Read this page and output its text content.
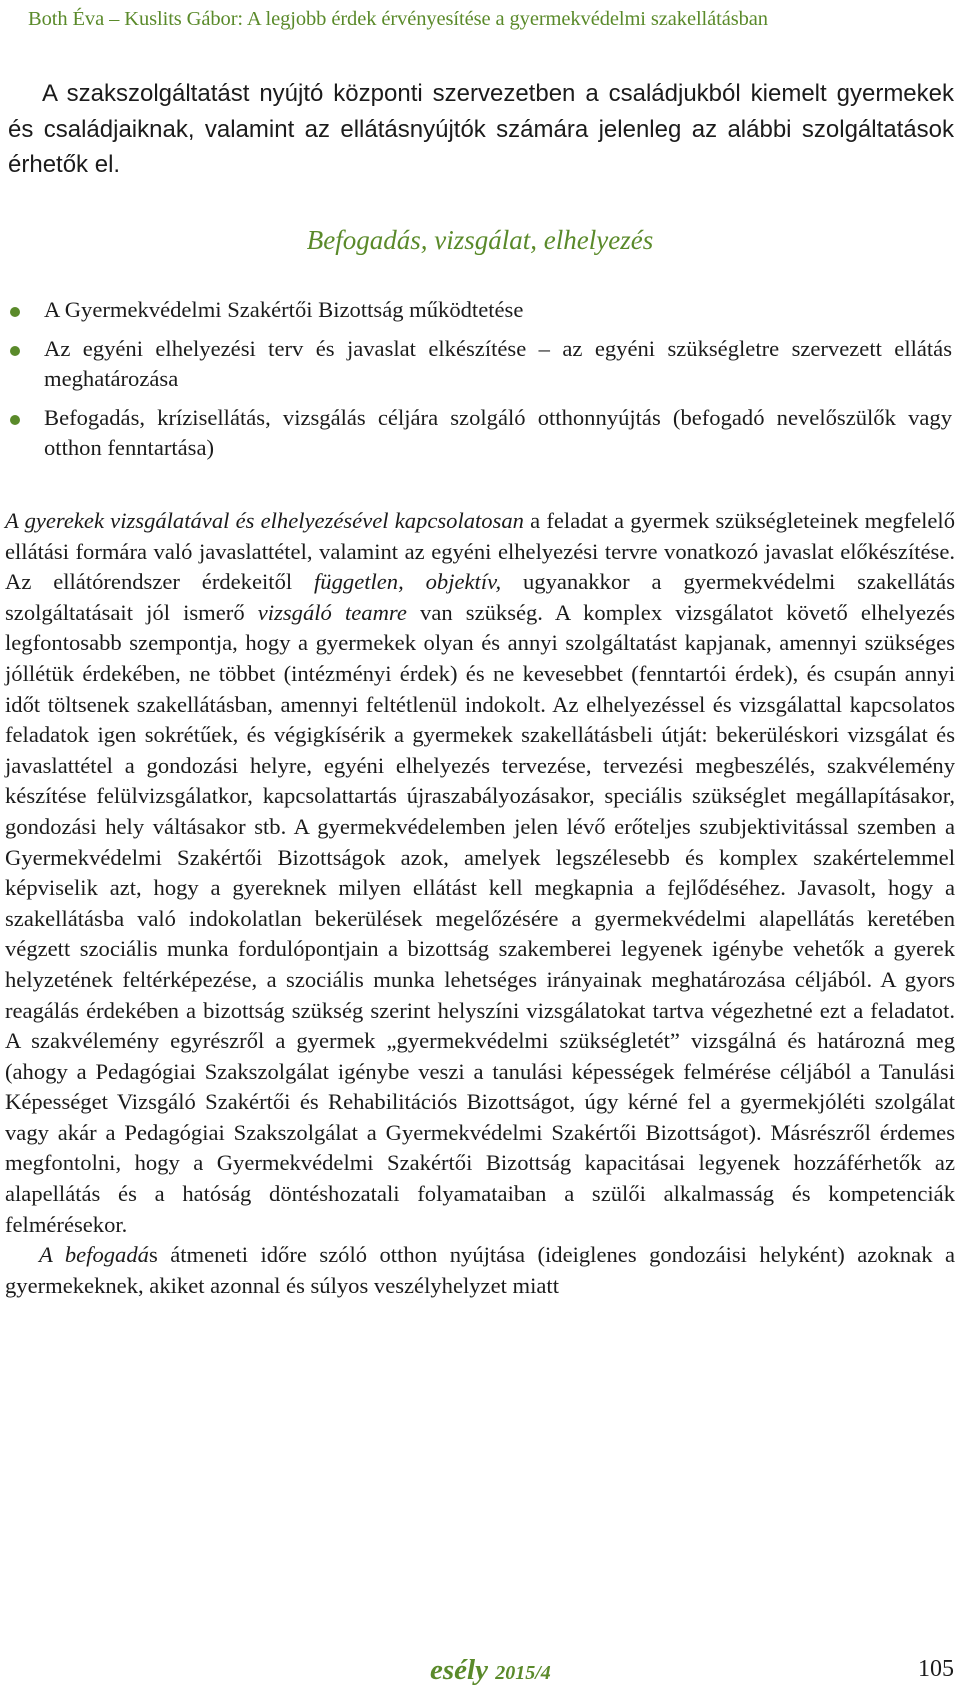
Both Éva – Kuslits Gábor: A legjobb érdek érvényesítése a gyermekvédelmi szakellátásban
A szakszolgáltatást nyújtó központi szervezetben a családjukból kiemelt gyermekek és családjaiknak, valamint az ellátásnyújtók számára jelenleg az alábbi szolgáltatások érhetők el.
Befogadás, vizsgálat, elhelyezés
A Gyermekvédelmi Szakértői Bizottság működtetése
Az egyéni elhelyezési terv és javaslat elkészítése – az egyéni szükségletre szervezett ellátás meghatározása
Befogadás, krízisellátás, vizsgálás céljára szolgáló otthonnyújtás (befogadó nevelőszülők vagy otthon fenntartása)

A gyerekek vizsgálatával és elhelyezésével kapcsolatosan a feladat a gyermek szükségleteinek megfelelő ellátási formára való javaslattétel, valamint az egyéni elhelyezési tervre vonatkozó javaslat előkészítése. Az ellátórendszer érdekeitől független, objektív, ugyanakkor a gyermekvédelmi szakellátás szolgáltatásait jól ismerő vizsgáló teamre van szükség. A komplex vizsgálatot követő elhelyezés legfontosabb szempontja, hogy a gyermekek olyan és annyi szolgáltatást kapjanak, amennyi szükséges jóllétük érdekében, ne többet (intézményi érdek) és ne kevesebbet (fenntartói érdek), és csupán annyi időt töltsenek szakellátásban, amennyi feltétlenül indokolt. Az elhelyezéssel és vizsgálattal kapcsolatos feladatok igen sokrétűek, és végigkísérik a gyermekek szakellátásbeli útját: bekerüléskori vizsgálat és javaslattétel a gondozási helyre, egyéni elhelyezés tervezése, tervezési megbeszélés, szakvélemény készítése felülvizsgálatkor, kapcsolattartás újraszabályozásakor, speciális szükséglet megállapításakor, gondozási hely váltásakor stb. A gyermekvédelemben jelen lévő erőteljes szubjektivitással szemben a Gyermekvédelmi Szakértői Bizottságok azok, amelyek legszélesebb és komplex szakértelemmel képviselik azt, hogy a gyereknek milyen ellátást kell megkapnia a fejlődéséhez. Javasolt, hogy a szakellátásba való indokolatlan bekerülések megelőzésére a gyermekvédelmi alapellátás keretében végzett szociális munka fordulópontjain a bizottság szakemberei legyenek igénybe vehetők a gyerek helyzetének feltérképezése, a szociális munka lehetséges irányainak meghatározása céljából. A gyors reagálás érdekében a bizottság szükség szerint helyszíni vizsgálatokat tartva végezhetné ezt a feladatot. A szakvélemény egyrészről a gyermek „gyermekvédelmi szükségletét” vizsgálná és határozná meg (ahogy a Pedagógiai Szakszolgálat igénybe veszi a tanulási képességek felmérése céljából a Tanulási Képességet Vizsgáló Szakértői és Rehabilitációs Bizottságot, úgy kérné fel a gyermekjóléti szolgálat vagy akár a Pedagógiai Szakszolgálat a Gyermekvédelmi Szakértői Bizottságot). Másrészről érdemes megfontolni, hogy a Gyermekvédelmi Szakértői Bizottság kapacitásai legyenek hozzáférhetők az alapellátás és a hatóság döntéshozatali folyamataiban a szülői alkalmasság és kompetenciák felmérésekor.

A befogadás átmeneti időre szóló otthon nyújtása (ideiglenes gondozáisi helyként) azoknak a gyermekeknek, akiket azonnal és súlyos veszélyhelyzet miatt

esély 2015/4	105
